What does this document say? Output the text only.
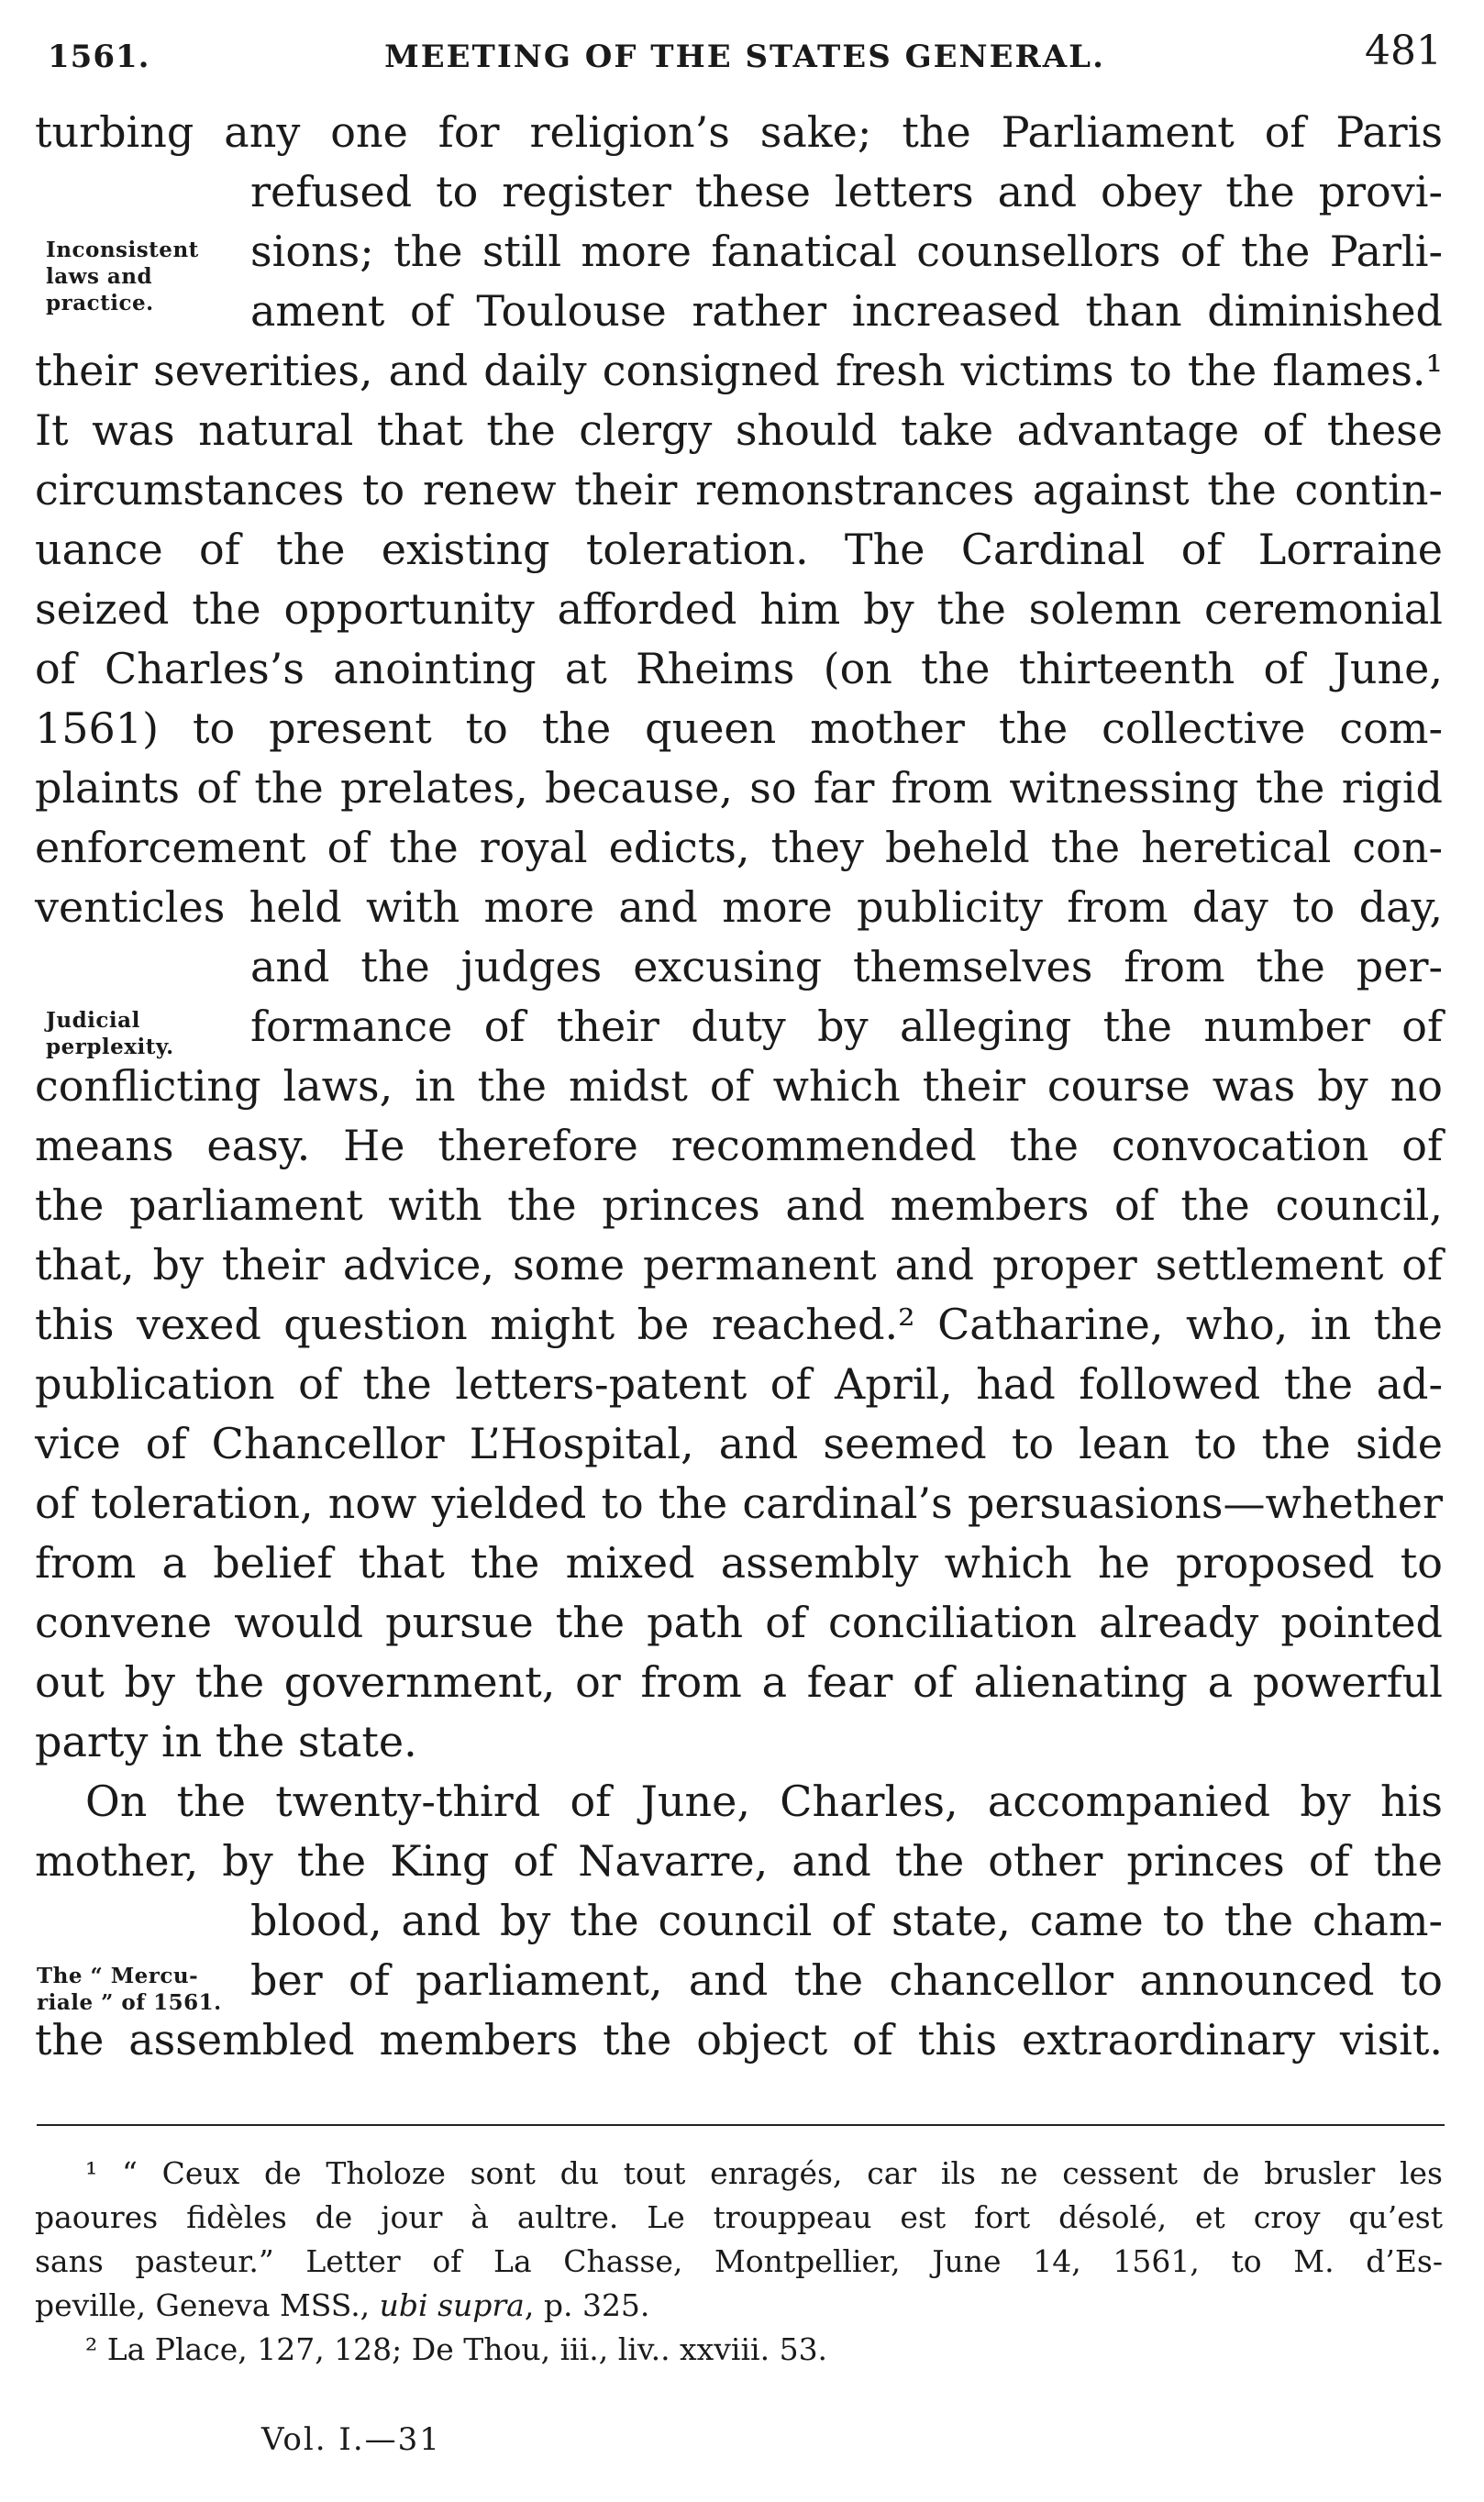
1561.	MEETING OF THE STATES GENERAL.	481
turbing any one for religion’s sake; the Parliament of Paris
refused to register these letters and obey the provi-
sions; the still more fanatical counsellors of the Parli-
ament of Toulouse rather increased than diminished
their severities, and daily consigned fresh victims to the flames.¹
It was natural that the clergy should take advantage of these
circumstances to renew their remonstrances against the contin-
uance of the existing toleration. The Cardinal of Lorraine
seized the opportunity afforded him by the solemn ceremonial
of Charles’s anointing at Rheims (on the thirteenth of June,
1561) to present to the queen mother the collective com-
plaints of the prelates, because, so far from witnessing the rigid
enforcement of the royal edicts, they beheld the heretical con-
venticles held with more and more publicity from day to day,
and the judges excusing themselves from the per-
formance of their duty by alleging the number of
conflicting laws, in the midst of which their course was by no
means easy. He therefore recommended the convocation of
the parliament with the princes and members of the council,
that, by their advice, some permanent and proper settlement of
this vexed question might be reached.² Catharine, who, in the
publication of the letters-patent of April, had followed the ad-
vice of Chancellor L’Hospital, and seemed to lean to the side
of toleration, now yielded to the cardinal’s persuasions—whether
from a belief that the mixed assembly which he proposed to
convene would pursue the path of conciliation already pointed
out by the government, or from a fear of alienating a powerful
party in the state.
On the twenty-third of June, Charles, accompanied by his
mother, by the King of Navarre, and the other princes of the
blood, and by the council of state, came to the cham-
ber of parliament, and the chancellor announced to
the assembled members the object of this extraordinary visit.
Inconsistent
laws and
practice.
Judicial
perplexity.
The “ Mercu-
riale ” of 1561.
¹ “ Ceux de Tholoze sont du tout enragés, car ils ne cessent de brusler les
paoures fidèles de jour à aultre. Le trouppeau est fort désolé, et croy qu’est
sans pasteur.” Letter of La Chasse, Montpellier, June 14, 1561, to M. d’Es-
peville, Geneva MSS., ubi supra, p. 325.
² La Place, 127, 128; De Thou, iii., liv.. xxviii. 53.
Vol. I.—31
